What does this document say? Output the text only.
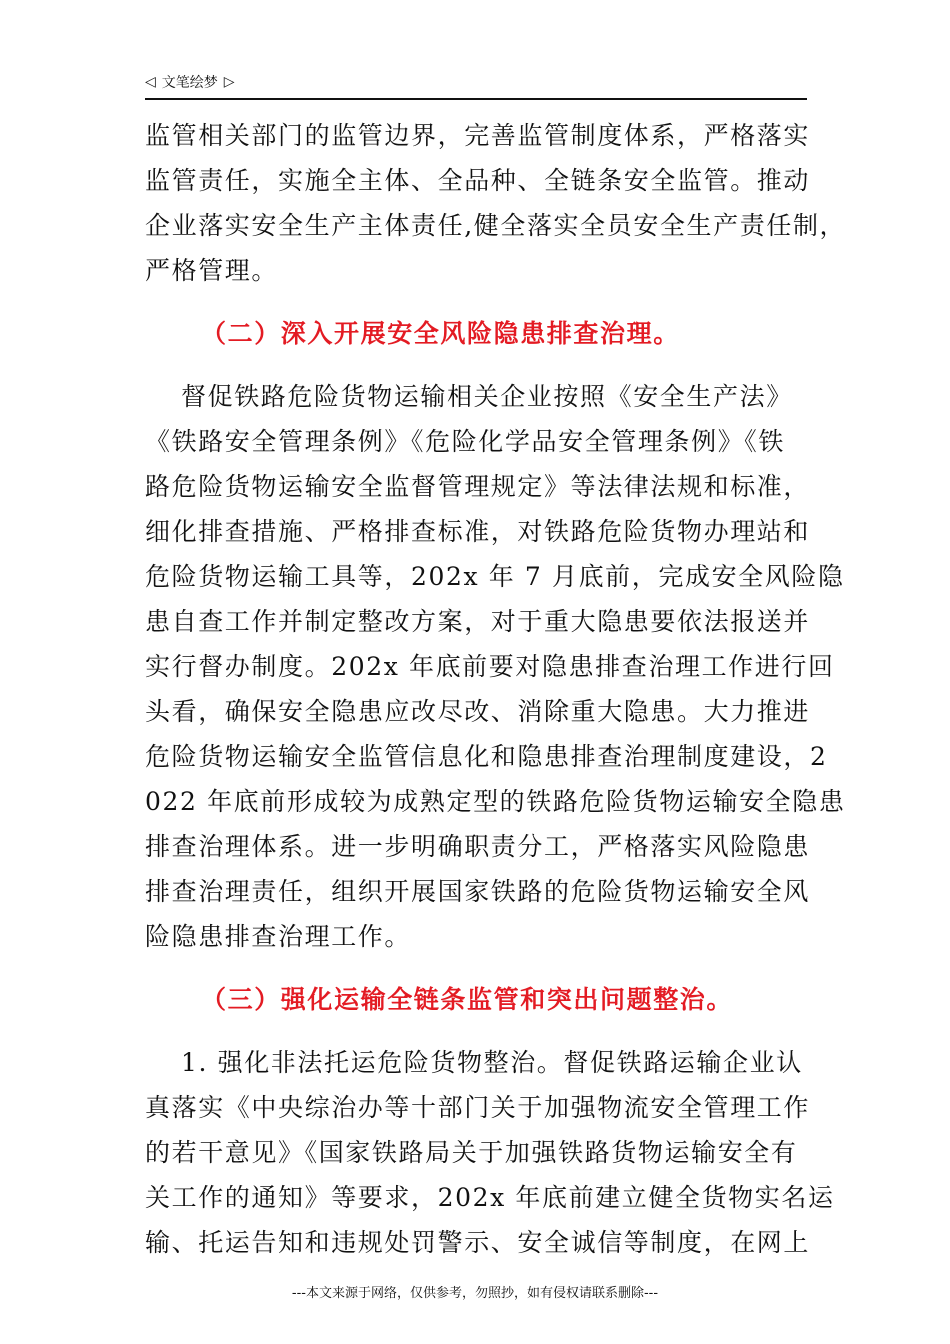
◁ 文笔绘梦 ▷
监管相关部门的监管边界，完善监管制度体系，严格落实
监管责任，实施全主体、全品种、全链条安全监管。推动
企业落实安全生产主体责任,健全落实全员安全生产责任制，
严格管理。
（二）深入开展安全风险隐患排查治理。
督促铁路危险货物运输相关企业按照《安全生产法》
《铁路安全管理条例》《危险化学品安全管理条例》《铁
路危险货物运输安全监督管理规定》等法律法规和标准，
细化排查措施、严格排查标准，对铁路危险货物办理站和
危险货物运输工具等，202x 年 7 月底前，完成安全风险隐
患自查工作并制定整改方案，对于重大隐患要依法报送并
实行督办制度。202x 年底前要对隐患排查治理工作进行回
头看，确保安全隐患应改尽改、消除重大隐患。大力推进
危险货物运输安全监管信息化和隐患排查治理制度建设，2
022 年底前形成较为成熟定型的铁路危险货物运输安全隐患
排查治理体系。进一步明确职责分工，严格落实风险隐患
排查治理责任，组织开展国家铁路的危险货物运输安全风
险隐患排查治理工作。
（三）强化运输全链条监管和突出问题整治。
1. 强化非法托运危险货物整治。督促铁路运输企业认
真落实《中央综治办等十部门关于加强物流安全管理工作
的若干意见》《国家铁路局关于加强铁路货物运输安全有
关工作的通知》等要求，202x 年底前建立健全货物实名运
输、托运告知和违规处罚警示、安全诚信等制度，在网上
---本文来源于网络，仅供参考，勿照抄，如有侵权请联系删除---
